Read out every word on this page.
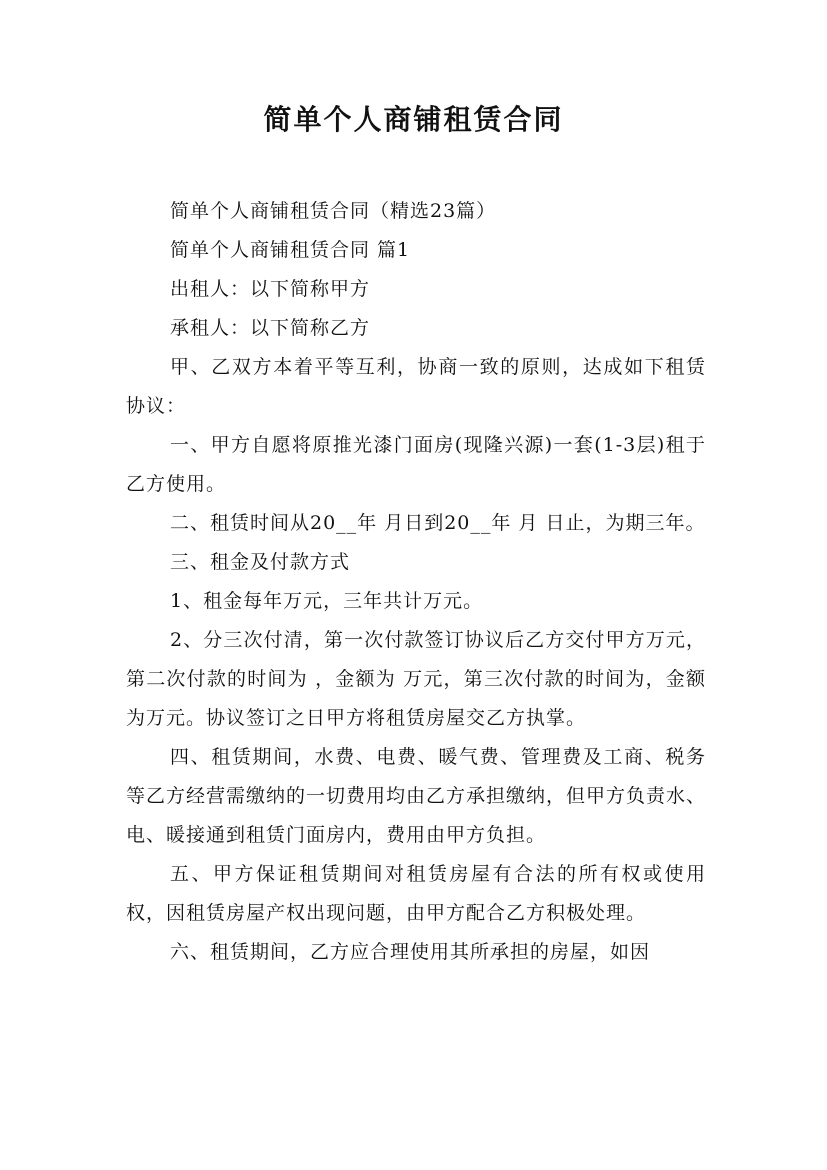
简单个人商铺租赁合同

简单个人商铺租赁合同（精选23篇）

简单个人商铺租赁合同 篇1

出租人：以下简称甲方

承租人：以下简称乙方

甲、乙双方本着平等互利，协商一致的原则，达成如下租赁协议：

一、甲方自愿将原推光漆门面房(现隆兴源)一套(1-3层)租于乙方使用。

二、租赁时间从20__年 月日到20__年 月 日止，为期三年。

三、租金及付款方式

1、租金每年万元，三年共计万元。

2、分三次付清，第一次付款签订协议后乙方交付甲方万元，第二次付款的时间为 ，金额为 万元，第三次付款的时间为，金额为万元。协议签订之日甲方将租赁房屋交乙方执掌。

四、租赁期间，水费、电费、暖气费、管理费及工商、税务等乙方经营需缴纳的一切费用均由乙方承担缴纳，但甲方负责水、电、暖接通到租赁门面房内，费用由甲方负担。

五、甲方保证租赁期间对租赁房屋有合法的所有权或使用权，因租赁房屋产权出现问题，由甲方配合乙方积极处理。

六、租赁期间，乙方应合理使用其所承担的房屋，如因
